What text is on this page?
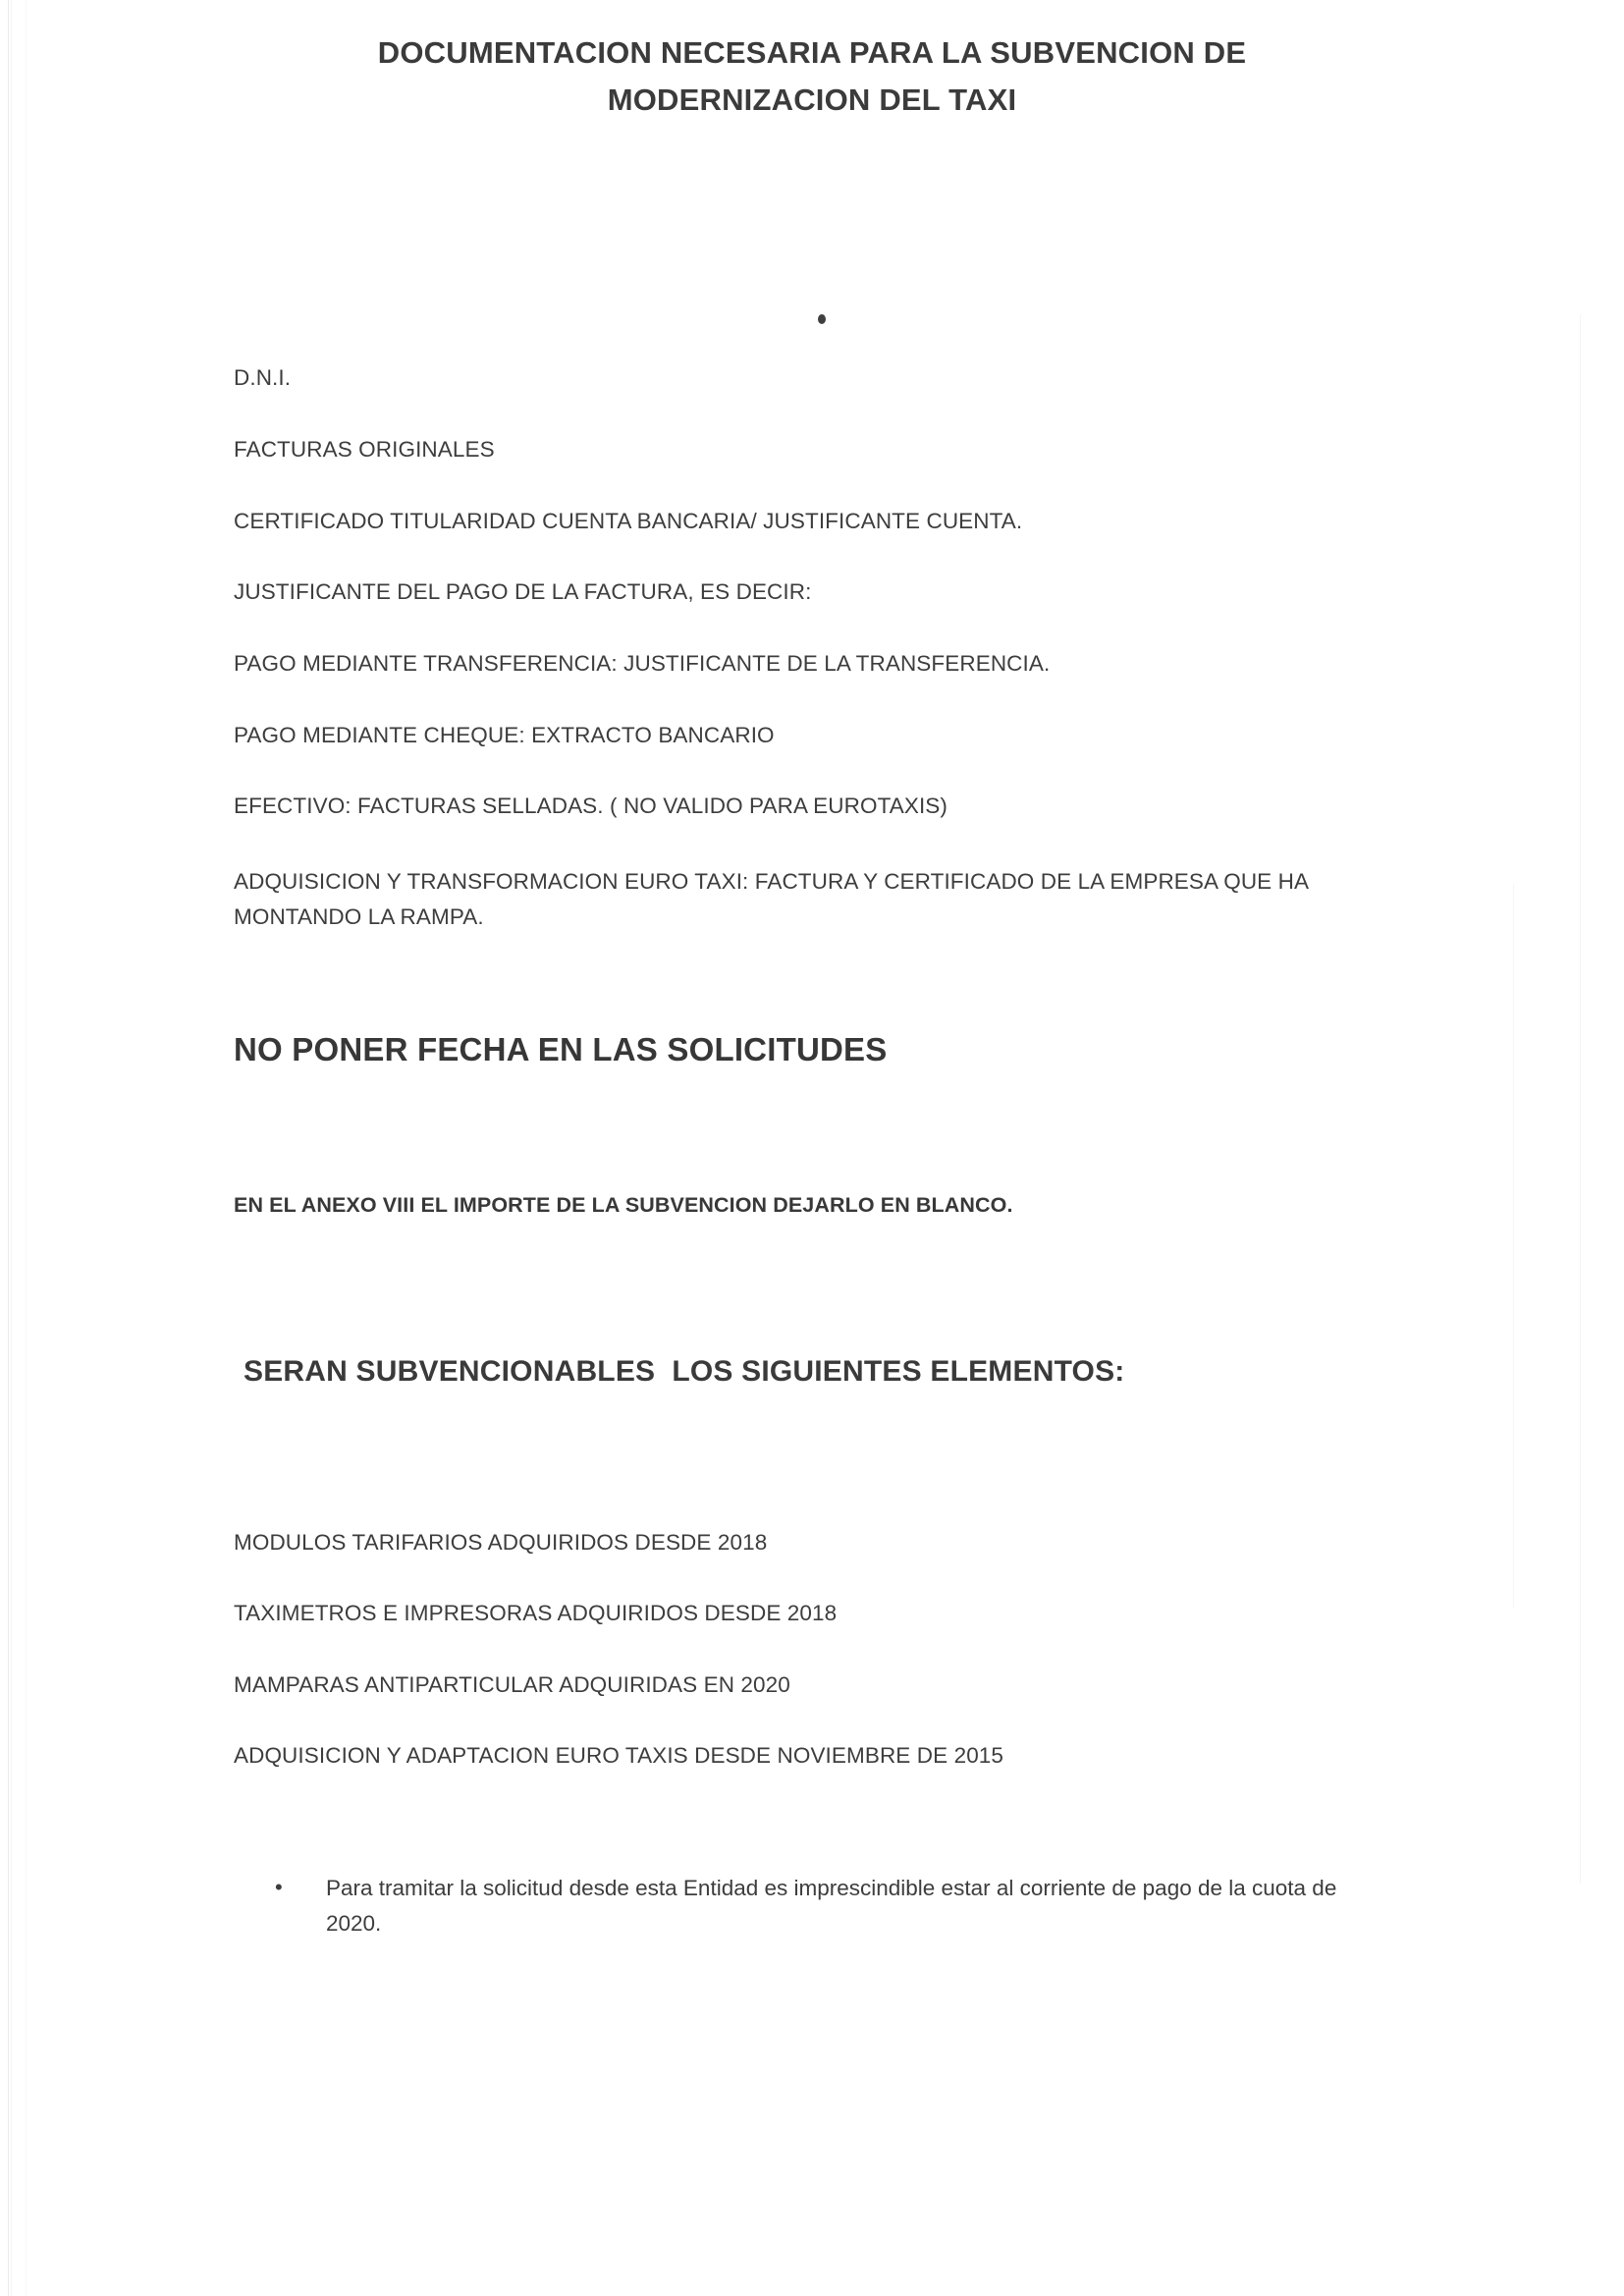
DOCUMENTACION NECESARIA PARA LA SUBVENCION DE
MODERNIZACION DEL TAXI
D.N.I.
FACTURAS ORIGINALES
CERTIFICADO TITULARIDAD CUENTA BANCARIA/ JUSTIFICANTE CUENTA.
JUSTIFICANTE DEL PAGO DE LA FACTURA, ES DECIR:
PAGO MEDIANTE TRANSFERENCIA: JUSTIFICANTE DE LA TRANSFERENCIA.
PAGO MEDIANTE CHEQUE: EXTRACTO BANCARIO
EFECTIVO: FACTURAS SELLADAS. ( NO VALIDO PARA EUROTAXIS)
ADQUISICION Y TRANSFORMACION EURO TAXI: FACTURA Y CERTIFICADO DE LA EMPRESA QUE HA MONTANDO LA RAMPA.
NO PONER FECHA EN LAS SOLICITUDES
EN EL ANEXO VIII EL IMPORTE DE LA SUBVENCION DEJARLO EN BLANCO.
SERAN SUBVENCIONABLES  LOS SIGUIENTES ELEMENTOS:
MODULOS TARIFARIOS ADQUIRIDOS DESDE 2018
TAXIMETROS E IMPRESORAS ADQUIRIDOS DESDE 2018
MAMPARAS ANTIPARTICULAR ADQUIRIDAS EN 2020
ADQUISICION Y ADAPTACION EURO TAXIS DESDE NOVIEMBRE DE 2015
•	Para tramitar la solicitud desde esta Entidad es imprescindible estar al corriente de pago de la cuota de 2020.
